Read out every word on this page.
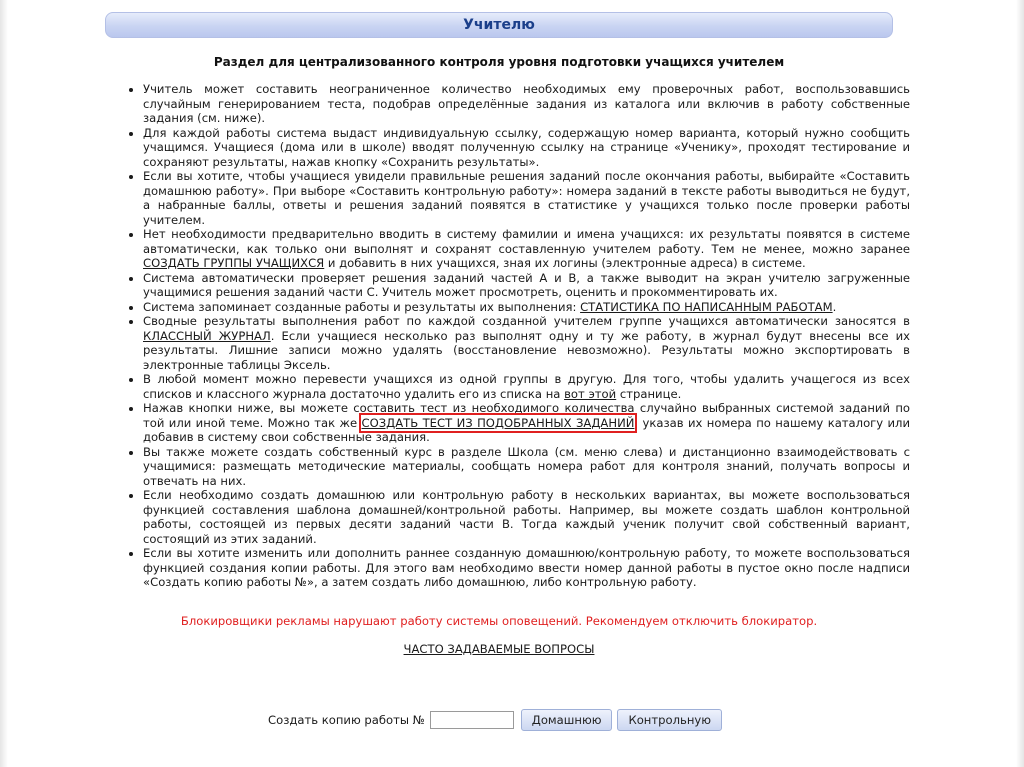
Учителю
Раздел для централизованного контроля уровня подготовки учащихся учителем
• Учитель может составить неограниченное количество необходимых ему проверочных работ, воспользовавшись случайным генерированием теста, подобрав определённые задания из каталога или включив в работу собственные задания (см. ниже).
• Для каждой работы система выдаст индивидуальную ссылку, содержащую номер варианта, который нужно сообщить учащимся. Учащиеся (дома или в школе) вводят полученную ссылку на странице «Ученику», проходят тестирование и сохраняют результаты, нажав кнопку «Сохранить результаты».
• Если вы хотите, чтобы учащиеся увидели правильные решения заданий после окончания работы, выбирайте «Составить домашнюю работу». При выборе «Составить контрольную работу»: номера заданий в тексте работы выводиться не будут, а набранные баллы, ответы и решения заданий появятся в статистике у учащихся только после проверки работы учителем.
• Нет необходимости предварительно вводить в систему фамилии и имена учащихся: их результаты появятся в системе автоматически, как только они выполнят и сохранят составленную учителем работу. Тем не менее, можно заранее СОЗДАТЬ ГРУППЫ УЧАЩИХСЯ и добавить в них учащихся, зная их логины (электронные адреса) в системе.
• Система автоматически проверяет решения заданий частей А и В, а также выводит на экран учителю загруженные учащимися решения заданий части С. Учитель может просмотреть, оценить и прокомментировать их.
• Система запоминает созданные работы и результаты их выполнения: СТАТИСТИКА ПО НАПИСАННЫМ РАБОТАМ.
• Сводные результаты выполнения работ по каждой созданной учителем группе учащихся автоматически заносятся в КЛАССНЫЙ ЖУРНАЛ. Если учащиеся несколько раз выполнят одну и ту же работу, в журнал будут внесены все их результаты. Лишние записи можно удалять (восстановление невозможно). Результаты можно экспортировать в электронные таблицы Эксель.
• В любой момент можно перевести учащихся из одной группы в другую. Для того, чтобы удалить учащегося из всех списков и классного журнала достаточно удалить его из списка на вот этой странице.
• Нажав кнопки ниже, вы можете составить тест из необходимого количества случайно выбранных системой заданий по той или иной теме. Можно так же СОЗДАТЬ ТЕСТ ИЗ ПОДОБРАННЫХ ЗАДАНИЙ, указав их номера по нашему каталогу или добавив в систему свои собственные задания.
• Вы также можете создать собственный курс в разделе Школа (см. меню слева) и дистанционно взаимодействовать с учащимися: размещать методические материалы, сообщать номера работ для контроля знаний, получать вопросы и отвечать на них.
• Если необходимо создать домашнюю или контрольную работу в нескольких вариантах, вы можете воспользоваться функцией составления шаблона домашней/контрольной работы. Например, вы можете создать шаблон контрольной работы, состоящей из первых десяти заданий части В. Тогда каждый ученик получит свой собственный вариант, состоящий из этих заданий.
• Если вы хотите изменить или дополнить раннее созданную домашнюю/контрольную работу, то можете воспользоваться функцией создания копии работы. Для этого вам необходимо ввести номер данной работы в пустое окно после надписи «Создать копию работы №», а затем создать либо домашнюю, либо контрольную работу.
Блокировщики рекламы нарушают работу системы оповещений. Рекомендуем отключить блокиратор.
ЧАСТО ЗАДАВАЕМЫЕ ВОПРОСЫ
Создать копию работы №	Домашнюю	Контрольную
